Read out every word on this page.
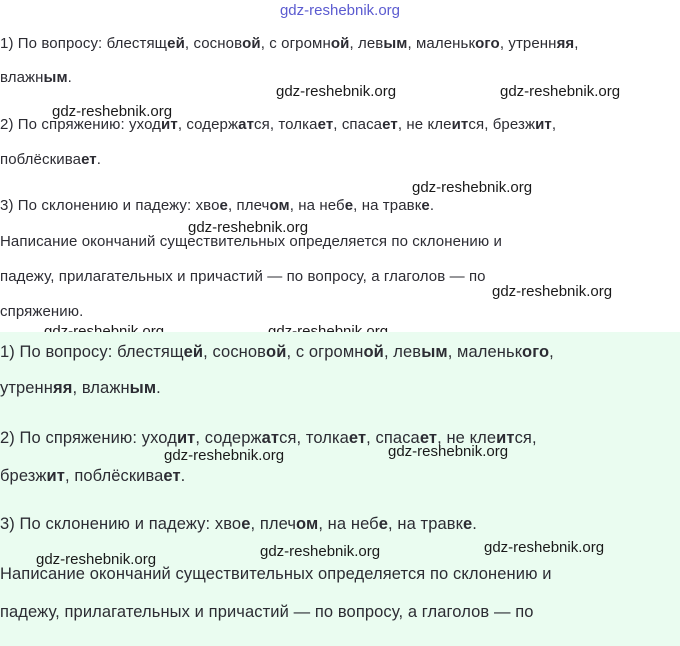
gdz-reshebnik.org
1) По вопросу: блестящей, сосновой, с огромной, левым, маленького, утренняя,
влажным.
2) По спряжению: уходит, содержатся, толкает, спасает, не клеится, брезжит,
поблёскивает.
3) По склонению и падежу: хвое, плечом, на небе, на травке.
Написание окончаний существительных определяется по склонению и
падежу, прилагательных и причастий — по вопросу, а глаголов — по
спряжению.
gdz-reshebnik.org
gdz-reshebnik.org	gdz-reshebnik.org
gdz-reshebnik.org
gdz-reshebnik.org
gdz-reshebnik.org
1) По вопросу: блестящей, сосновой, с огромной, левым, маленького,
утренняя, влажным.
2) По спряжению: уходит, содержатся, толкает, спасает, не клеится,
брезжит, поблёскивает.
3) По склонению и падежу: хвое, плечом, на небе, на травке.
Написание окончаний существительных определяется по склонению и
падежу, прилагательных и причастий — по вопросу, а глаголов — по
gdz-reshebnik.org	gdz-reshebnik.org
gdz-reshebnik.org	gdz-reshebnik.org	gdz-reshebnik.org
